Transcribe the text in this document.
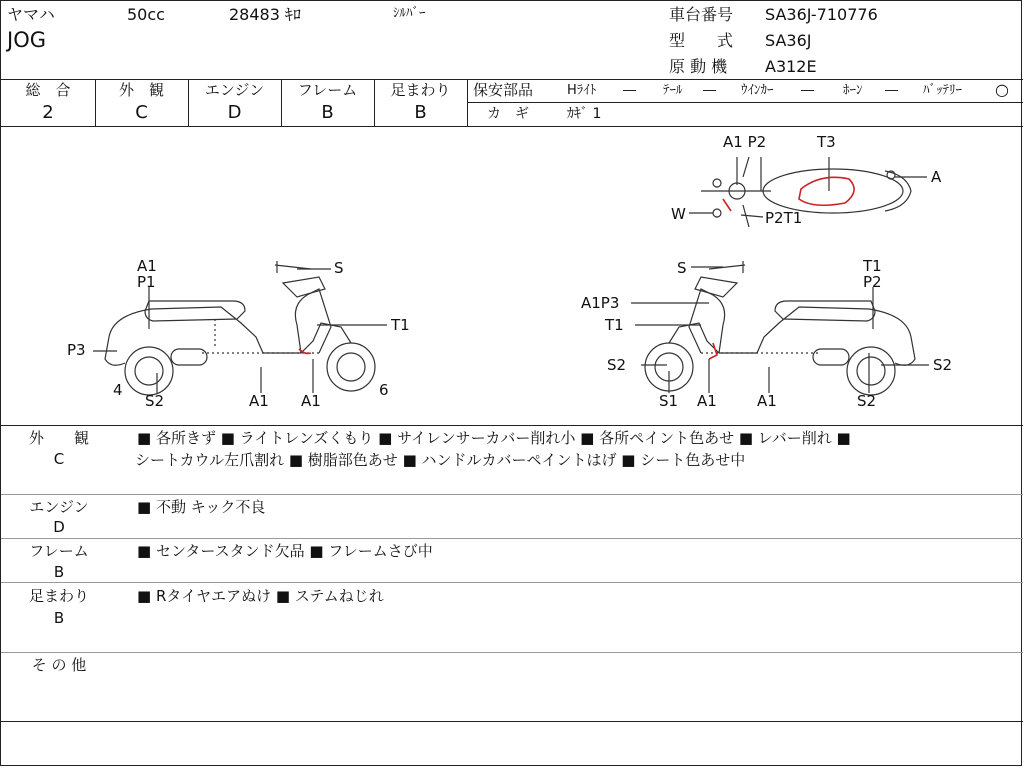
ヤマハ	50cc	28483 ｷﾛ	ｼﾙﾊﾞｰ
JOG
車台番号 SA36J-710776
型　　式 SA36J
原 動 機 A312E
総　合
2
外　観
C
エンジン
D
フレーム
B
足まわり
B
保安部品	Hﾗｲﾄ ― ﾃｰﾙ ― ｳｲﾝｶｰ ― ﾎｰﾝ ― ﾊﾞｯﾃﾘｰ ○
カ　ギ	ｶｷﾞ 1
A1
P1
S
T1
P3
4
S2	A1 A1
6
S	T1
P2
A1P3
T1
S2	S2
S1 A1	A1	S2
A1 P2	T3
A
W	P2T1
外　　観
C
■ 各所きず ■ ライトレンズくもり ■ サイレンサーカバー削れ小 ■ 各所ペイント色あせ ■ レバー削れ ■
シートカウル左爪割れ ■ 樹脂部色あせ ■ ハンドルカバーペイントはげ ■ シート色あせ中
エンジン
D
■ 不動 キック不良
フレーム
B
■ センタースタンド欠品 ■ フレームさび中
足まわり
B
■ Rタイヤエアぬけ ■ ステムねじれ
そ の 他
